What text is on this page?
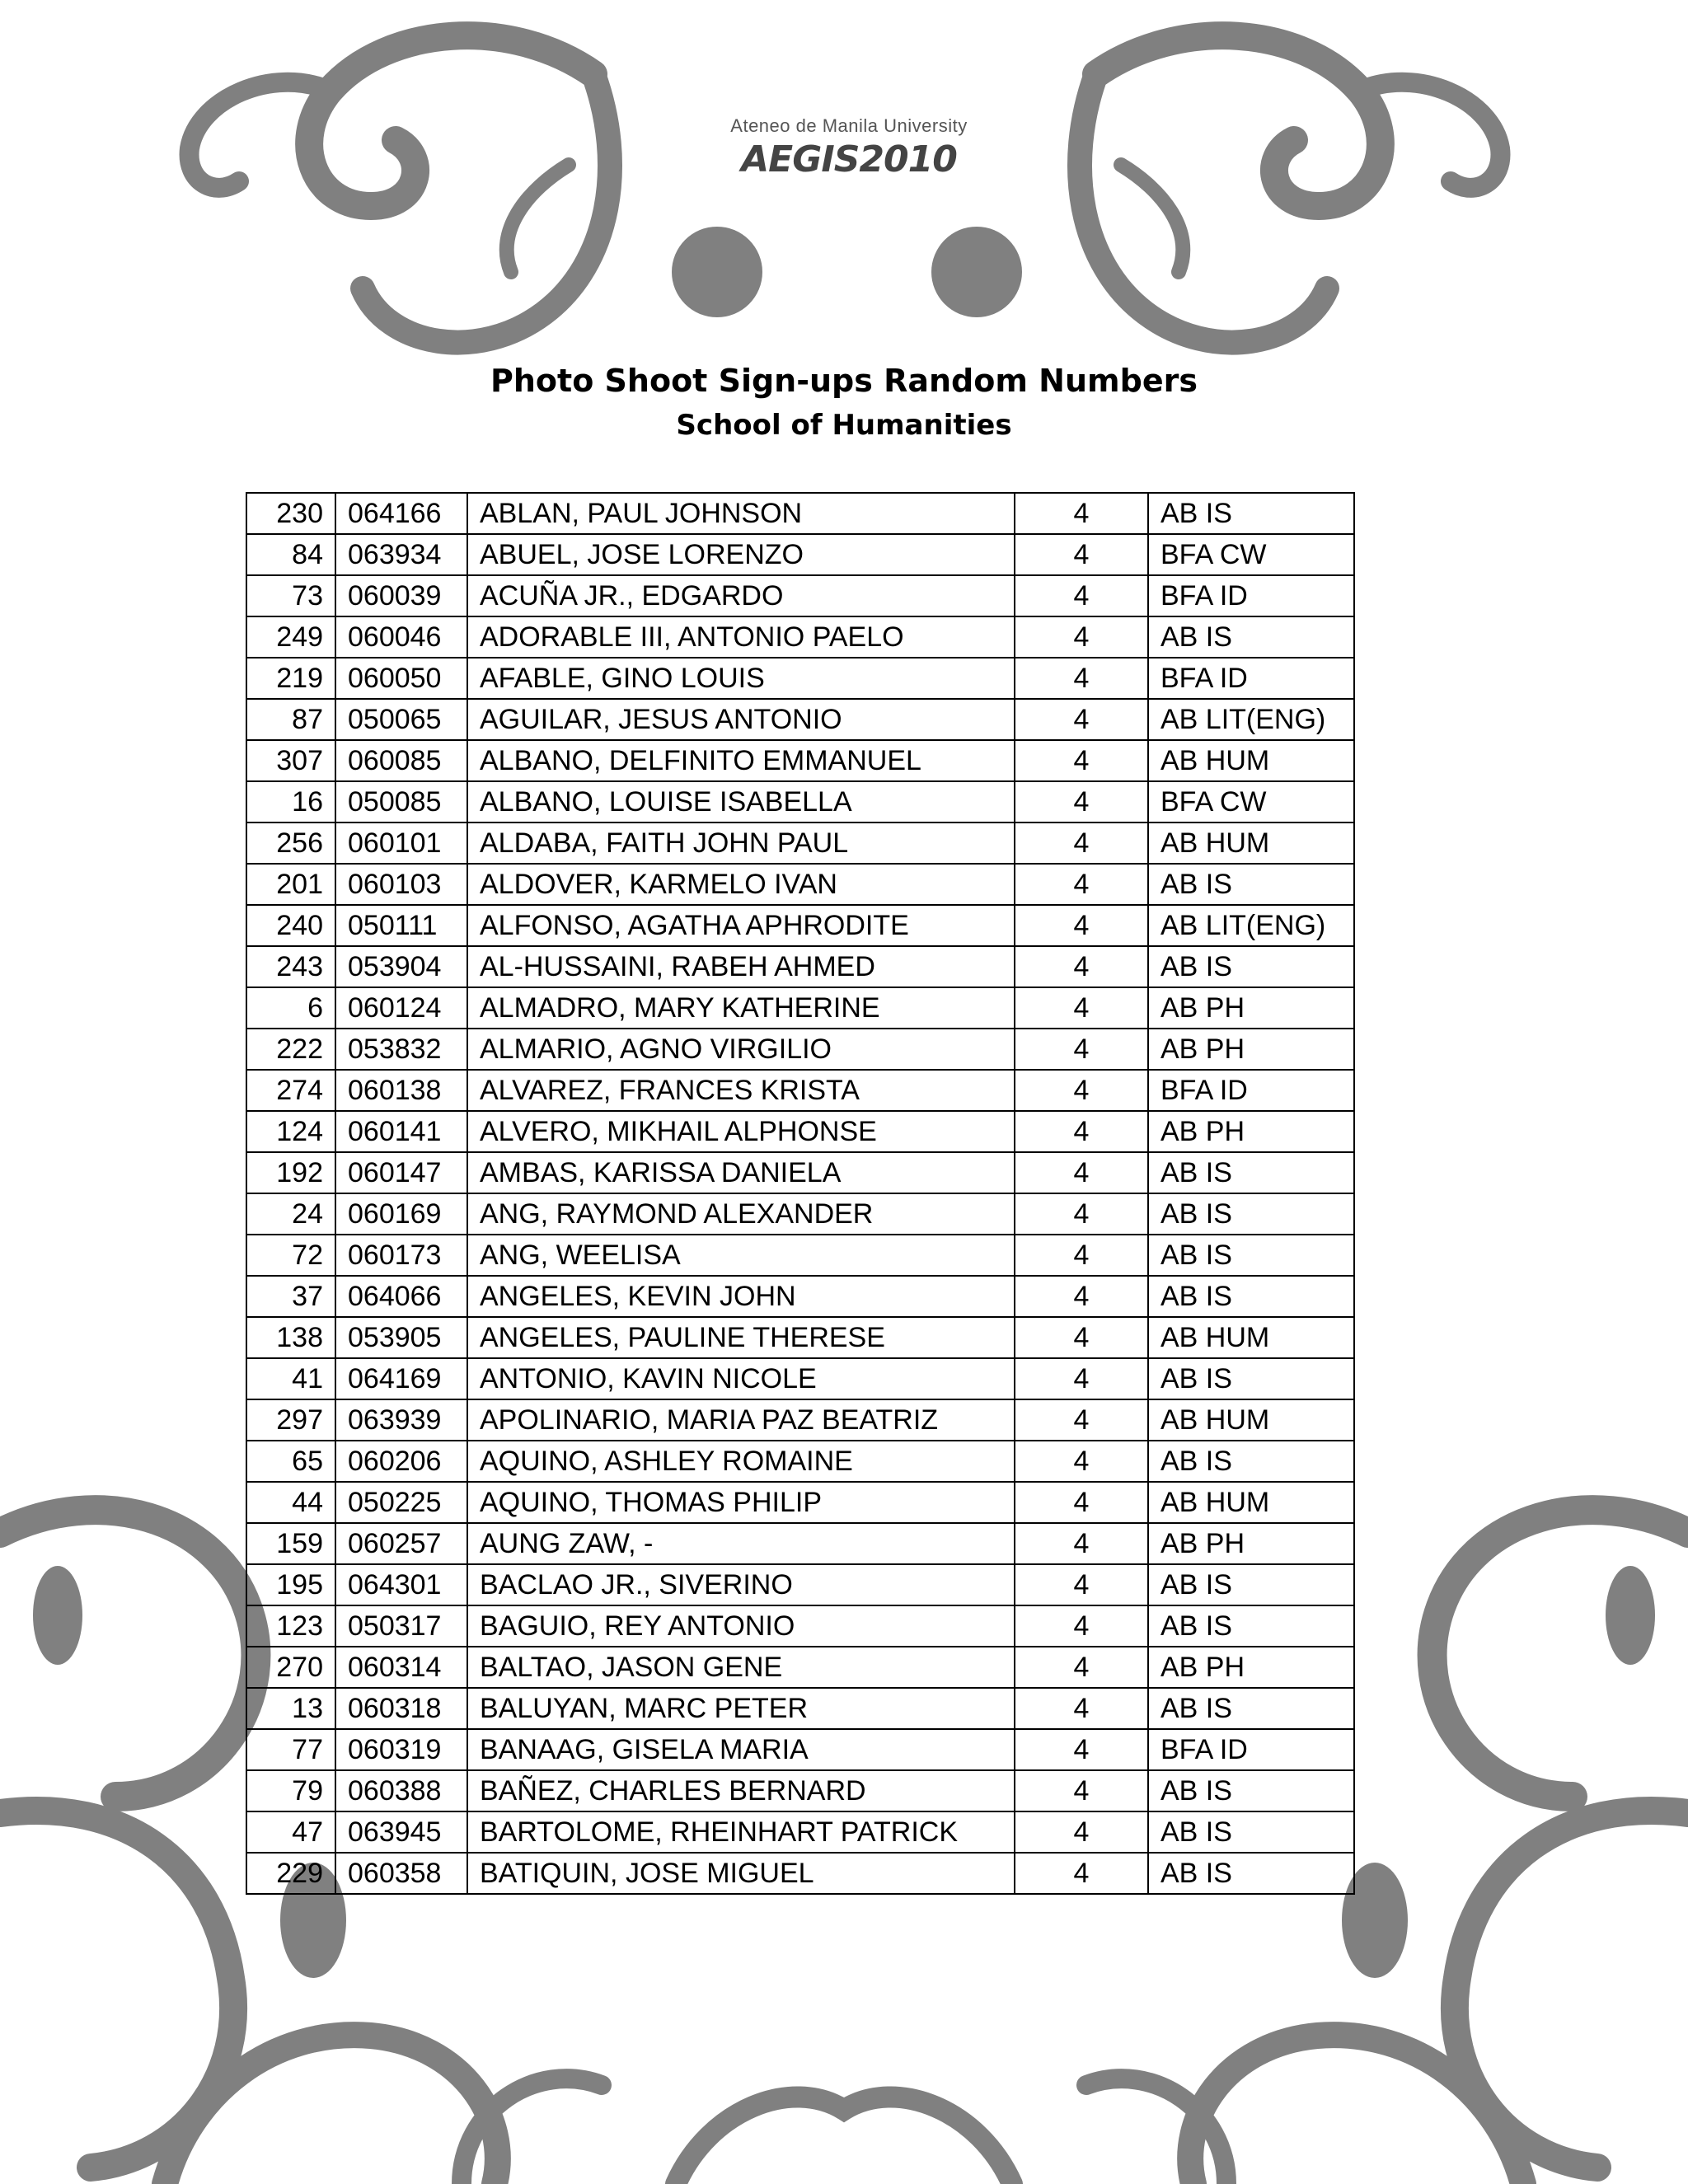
Ateneo de Manila University
AEGIS2010
Photo Shoot Sign-ups Random Numbers
School of Humanities
230	064166	ABLAN, PAUL JOHNSON	4	AB IS
84	063934	ABUEL, JOSE LORENZO	4	BFA CW
73	060039	ACUÑA JR., EDGARDO	4	BFA ID
249	060046	ADORABLE III, ANTONIO PAELO	4	AB IS
219	060050	AFABLE, GINO LOUIS	4	BFA ID
87	050065	AGUILAR, JESUS ANTONIO	4	AB LIT(ENG)
307	060085	ALBANO, DELFINITO EMMANUEL	4	AB HUM
16	050085	ALBANO, LOUISE ISABELLA	4	BFA CW
256	060101	ALDABA, FAITH JOHN PAUL	4	AB HUM
201	060103	ALDOVER, KARMELO IVAN	4	AB IS
240	050111	ALFONSO, AGATHA APHRODITE	4	AB LIT(ENG)
243	053904	AL-HUSSAINI, RABEH AHMED	4	AB IS
6	060124	ALMADRO, MARY KATHERINE	4	AB PH
222	053832	ALMARIO, AGNO VIRGILIO	4	AB PH
274	060138	ALVAREZ, FRANCES KRISTA	4	BFA ID
124	060141	ALVERO, MIKHAIL ALPHONSE	4	AB PH
192	060147	AMBAS, KARISSA DANIELA	4	AB IS
24	060169	ANG, RAYMOND ALEXANDER	4	AB IS
72	060173	ANG, WEELISA	4	AB IS
37	064066	ANGELES, KEVIN JOHN	4	AB IS
138	053905	ANGELES, PAULINE THERESE	4	AB HUM
41	064169	ANTONIO, KAVIN NICOLE	4	AB IS
297	063939	APOLINARIO, MARIA PAZ BEATRIZ	4	AB HUM
65	060206	AQUINO, ASHLEY ROMAINE	4	AB IS
44	050225	AQUINO, THOMAS PHILIP	4	AB HUM
159	060257	AUNG ZAW, -	4	AB PH
195	064301	BACLAO JR., SIVERINO	4	AB IS
123	050317	BAGUIO, REY ANTONIO	4	AB IS
270	060314	BALTAO, JASON GENE	4	AB PH
13	060318	BALUYAN, MARC PETER	4	AB IS
77	060319	BANAAG, GISELA MARIA	4	BFA ID
79	060388	BAÑEZ, CHARLES BERNARD	4	AB IS
47	063945	BARTOLOME, RHEINHART PATRICK	4	AB IS
229	060358	BATIQUIN, JOSE MIGUEL	4	AB IS
